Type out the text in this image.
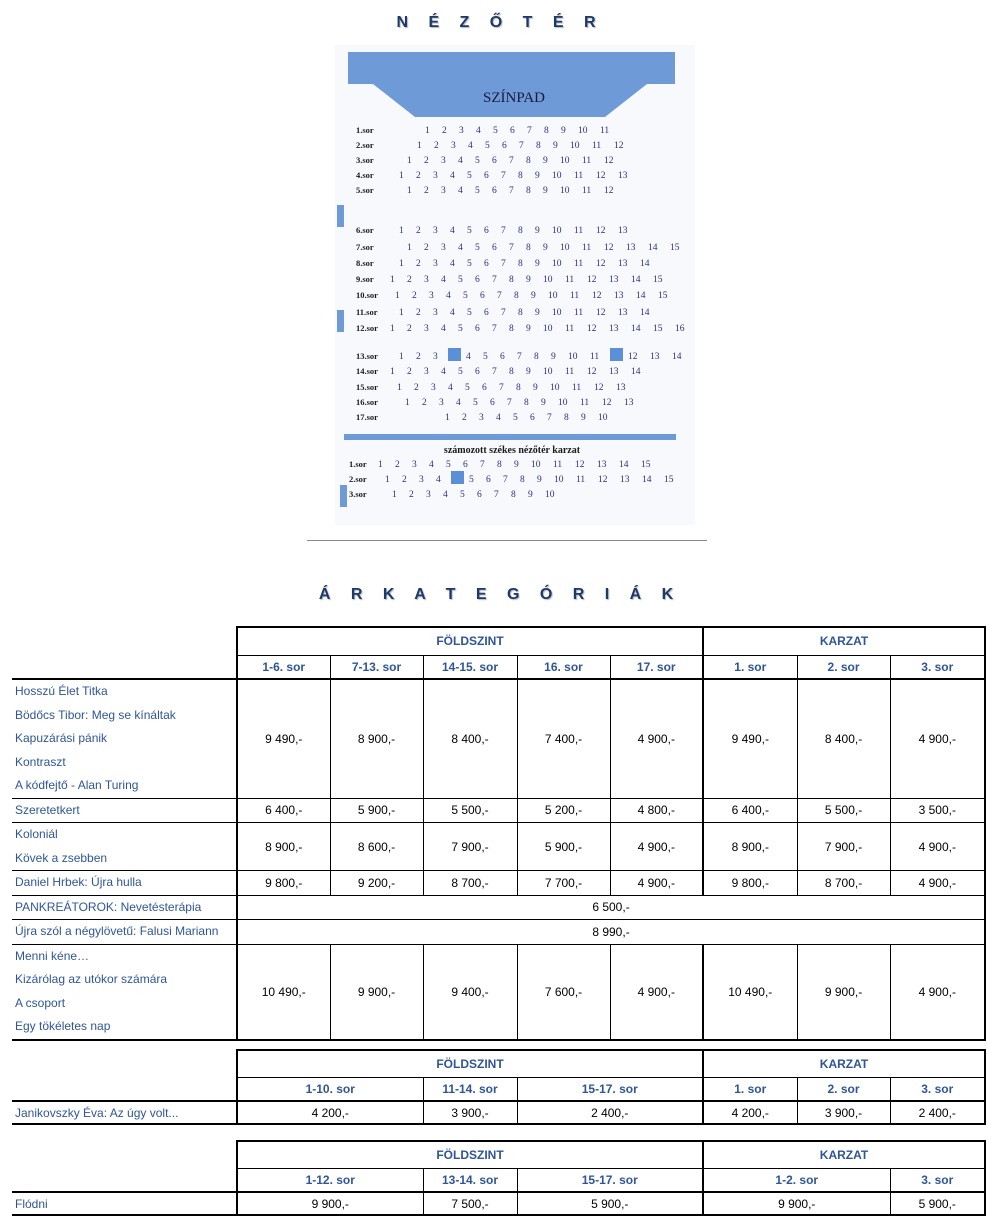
N É Z Ő T É R
SZÍNPAD
1.sor	1 2 3 4 5 6 7 8 9 10 11
2.sor	1 2 3 4 5 6 7 8 9 10 11 12
3.sor	1 2 3 4 5 6 7 8 9 10 11 12
4.sor	1 2 3 4 5 6 7 8 9 10 11 12 13
5.sor	1 2 3 4 5 6 7 8 9 10 11 12
6.sor	1 2 3 4 5 6 7 8 9 10 11 12 13
7.sor	1 2 3 4 5 6 7 8 9 10 11 12 13 14 15
8.sor	1 2 3 4 5 6 7 8 9 10 11 12 13 14
9.sor 1 2 3 4 5 6 7 8 9 10 11 12 13 14 15
10.sor 1 2 3 4 5 6 7 8 9 10 11 12 13 14 15
11.sor 1 2 3 4 5 6 7 8 9 10 11 12 13 14
12.sor 1 2 3 4 5 6 7 8 9 10 11 12 13 14 15 16
13.sor 1 2 3	4 5 6 7 8 9 10 11	12 13 14
14.sor 1 2 3 4 5 6 7 8 9 10 11 12 13 14
15.sor 1 2 3 4 5 6 7 8 9 10 11 12 13
16.sor	1 2 3 4 5 6 7 8 9 10 11 12 13
17.sor	1 2 3 4 5 6 7 8 9 10
számozott székes nézőtér karzat
1.sor 1 2 3 4 5 6 7 8 9 10 11 12 13 14 15
2.sor 1 2 3 4	5 6 7 8 9 10 11 12 13 14 15
3.sor	1 2 3 4 5 6 7 8 9 10
Á R K A T E G Ó R I Á K
	FÖLDSZINT					KARZAT		
	1-6. sor	7-13. sor	14-15. sor	16. sor	17. sor	1. sor	2. sor	3. sor

Hosszú Élet Titka
Bödőcs Tibor: Meg se kínáltak
Kapuzárási pánik
Kontraszt
A kódfejtő - Alan Turing	9 490,-	8 900,-	8 400,-	7 400,-	4 900,-	9 490,-	8 400,-	4 900,-

Szeretetkert	6 400,-	5 900,-	5 500,-	5 200,-	4 800,-	6 400,-	5 500,-	3 500,-

Koloniál
Kövek a zsebben	8 900,-	8 600,-	7 900,-	5 900,-	4 900,-	8 900,-	7 900,-	4 900,-

Daniel Hrbek: Újra hulla	9 800,-	9 200,-	8 700,-	7 700,-	4 900,-	9 800,-	8 700,-	4 900,-

PANKREÁTOROK: Nevetésterápia	6 500,-							

Újra szól a négylövetű: Falusi Mariann	8 990,-							

Menni kéne…
Kizárólag az utókor számára
A csoport
Egy tökéletes nap	10 490,-	9 900,-	9 400,-	7 600,-	4 900,-	10 490,-	9 900,-	4 900,-
	FÖLDSZINT			KARZAT		
	1-10. sor	11-14. sor	15-17. sor	1. sor	2. sor	3. sor

Janikovszky Éva: Az úgy volt...	4 200,-	3 900,-	2 400,-	4 200,-	3 900,-	2 400,-
	FÖLDSZINT			KARZAT	
	1-12. sor	13-14. sor	15-17. sor	1-2. sor	3. sor

Flódni	9 900,-	7 500,-	5 900,-	9 900,-	5 900,-
